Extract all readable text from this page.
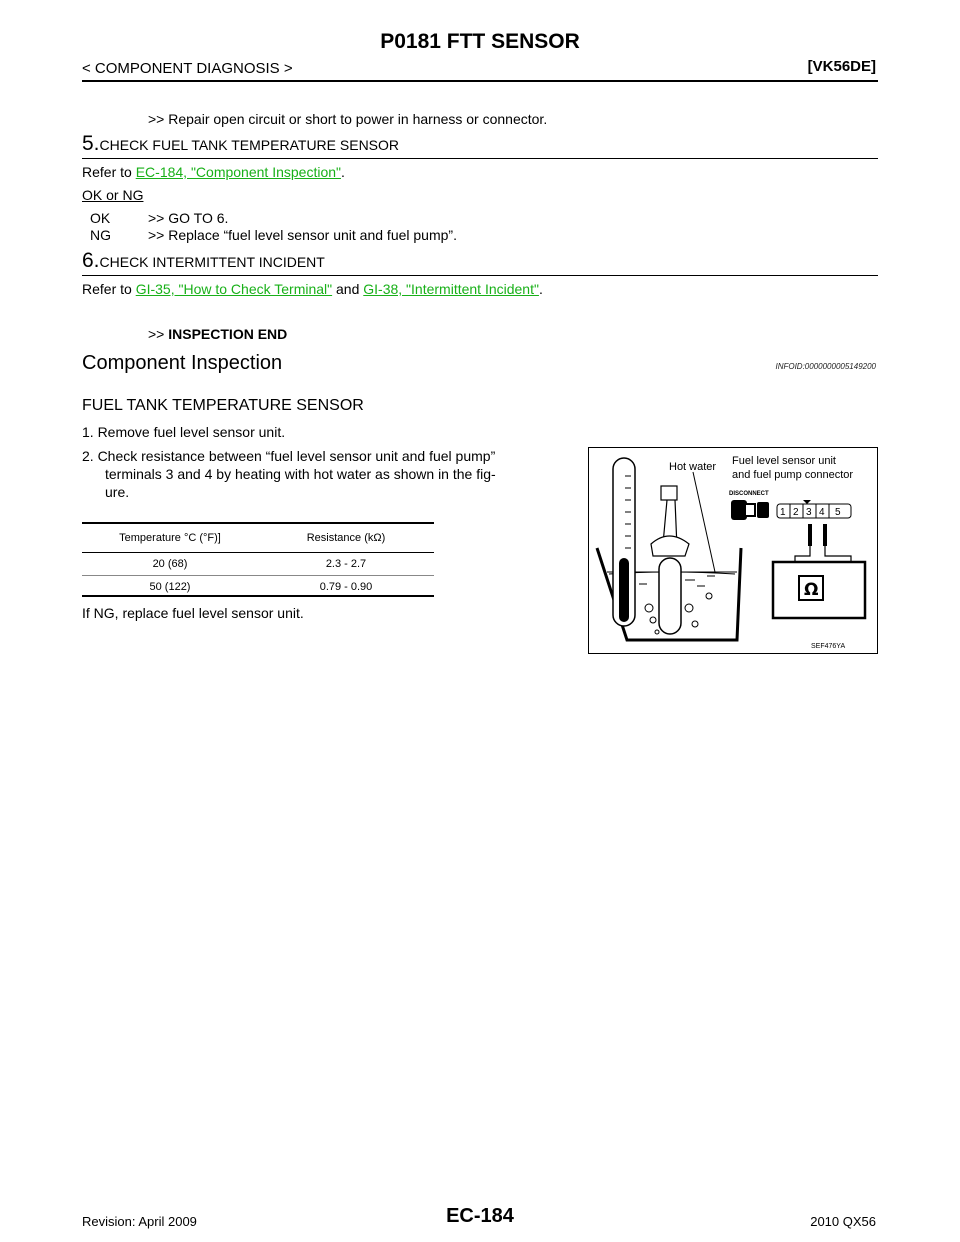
P0181 FTT SENSOR
< COMPONENT DIAGNOSIS >	[VK56DE]
>> Repair open circuit or short to power in harness or connector.
5.CHECK FUEL TANK TEMPERATURE SENSOR
Refer to EC-184, "Component Inspection".
OK or NG
OK	>> GO TO 6.
NG	>> Replace “fuel level sensor unit and fuel pump”.
6.CHECK INTERMITTENT INCIDENT
Refer to GI-35, "How to Check Terminal" and GI-38, "Intermittent Incident".
>> INSPECTION END
Component Inspection	INFOID:0000000005149200
FUEL TANK TEMPERATURE SENSOR
1. Remove fuel level sensor unit.
2. Check resistance between “fuel level sensor unit and fuel pump”
terminals 3 and 4 by heating with hot water as shown in the fig-
ure.
Temperature °C (°F)]	Resistance (kΩ)
20 (68)	2.3 - 2.7
50 (122)	0.79 - 0.90
If NG, replace fuel level sensor unit.
Hot water Fuel level sensor unit
and fuel pump connector
DISCONNECT
1 2 3 4 5
Ω
SEF476YA
Revision: April 2009	EC-184	2010 QX56
